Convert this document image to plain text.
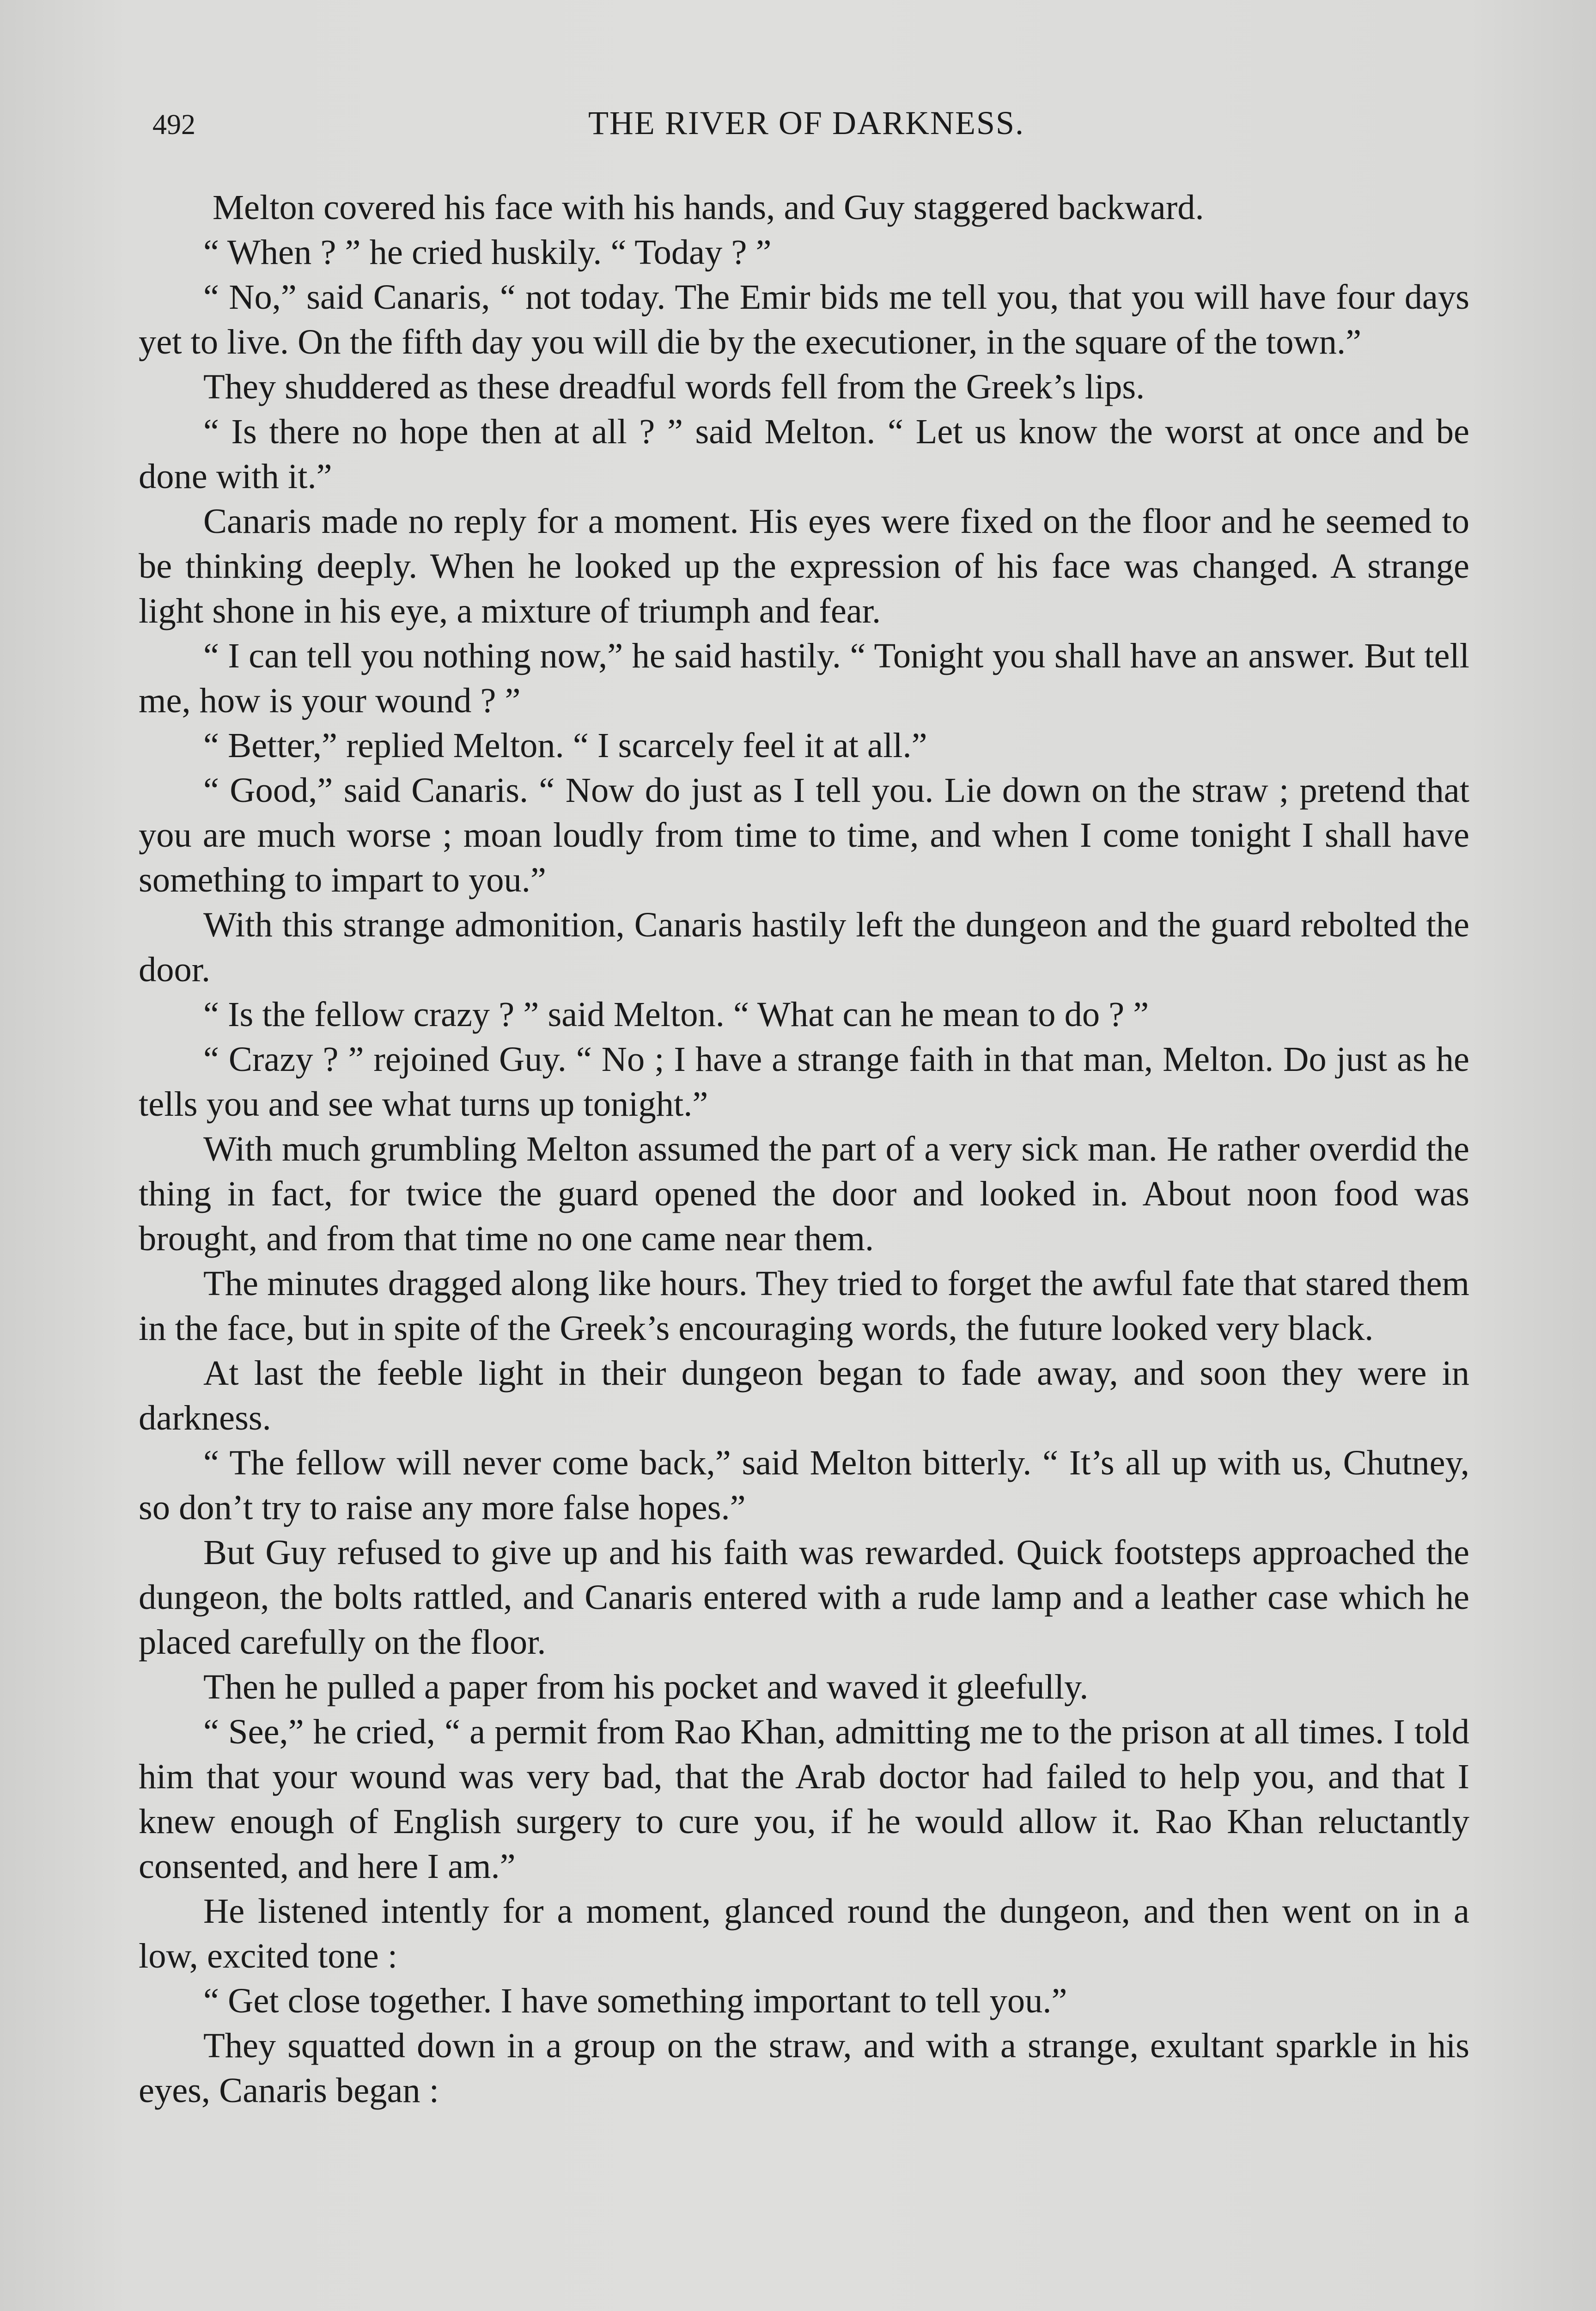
492	THE RIVER OF DARKNESS.

Melton covered his face with his hands, and Guy staggered backward.

“ When ? ” he cried huskily. “ Today ? ”

“ No,” said Canaris, “ not today. The Emir bids me tell you, that you will have four days yet to live. On the fifth day you will die by the executioner, in the square of the town.”

They shuddered as these dreadful words fell from the Greek’s lips.

“ Is there no hope then at all ? ” said Melton. “ Let us know the worst at once and be done with it.”

Canaris made no reply for a moment. His eyes were fixed on the floor and he seemed to be thinking deeply. When he looked up the expression of his face was changed. A strange light shone in his eye, a mixture of triumph and fear.

“ I can tell you nothing now,” he said hastily. “ Tonight you shall have an answer. But tell me, how is your wound ? ”

“ Better,” replied Melton. “ I scarcely feel it at all.”

“ Good,” said Canaris. “ Now do just as I tell you. Lie down on the straw ; pretend that you are much worse ; moan loudly from time to time, and when I come tonight I shall have something to impart to you.”

With this strange admonition, Canaris hastily left the dungeon and the guard rebolted the door.

“ Is the fellow crazy ? ” said Melton. “ What can he mean to do ? ”

“ Crazy ? ” rejoined Guy. “ No ; I have a strange faith in that man, Melton. Do just as he tells you and see what turns up tonight.”

With much grumbling Melton assumed the part of a very sick man. He rather overdid the thing in fact, for twice the guard opened the door and looked in. About noon food was brought, and from that time no one came near them.

The minutes dragged along like hours. They tried to forget the awful fate that stared them in the face, but in spite of the Greek’s encouraging words, the future looked very black.

At last the feeble light in their dungeon began to fade away, and soon they were in darkness.

“ The fellow will never come back,” said Melton bitterly. “ It’s all up with us, Chutney, so don’t try to raise any more false hopes.”

But Guy refused to give up and his faith was rewarded. Quick footsteps approached the dungeon, the bolts rattled, and Canaris entered with a rude lamp and a leather case which he placed carefully on the floor.

Then he pulled a paper from his pocket and waved it gleefully.

“ See,” he cried, “ a permit from Rao Khan, admitting me to the prison at all times. I told him that your wound was very bad, that the Arab doctor had failed to help you, and that I knew enough of English surgery to cure you, if he would allow it. Rao Khan reluctantly consented, and here I am.”

He listened intently for a moment, glanced round the dungeon, and then went on in a low, excited tone :

“ Get close together. I have something important to tell you.”

They squatted down in a group on the straw, and with a strange, exultant sparkle in his eyes, Canaris began :
